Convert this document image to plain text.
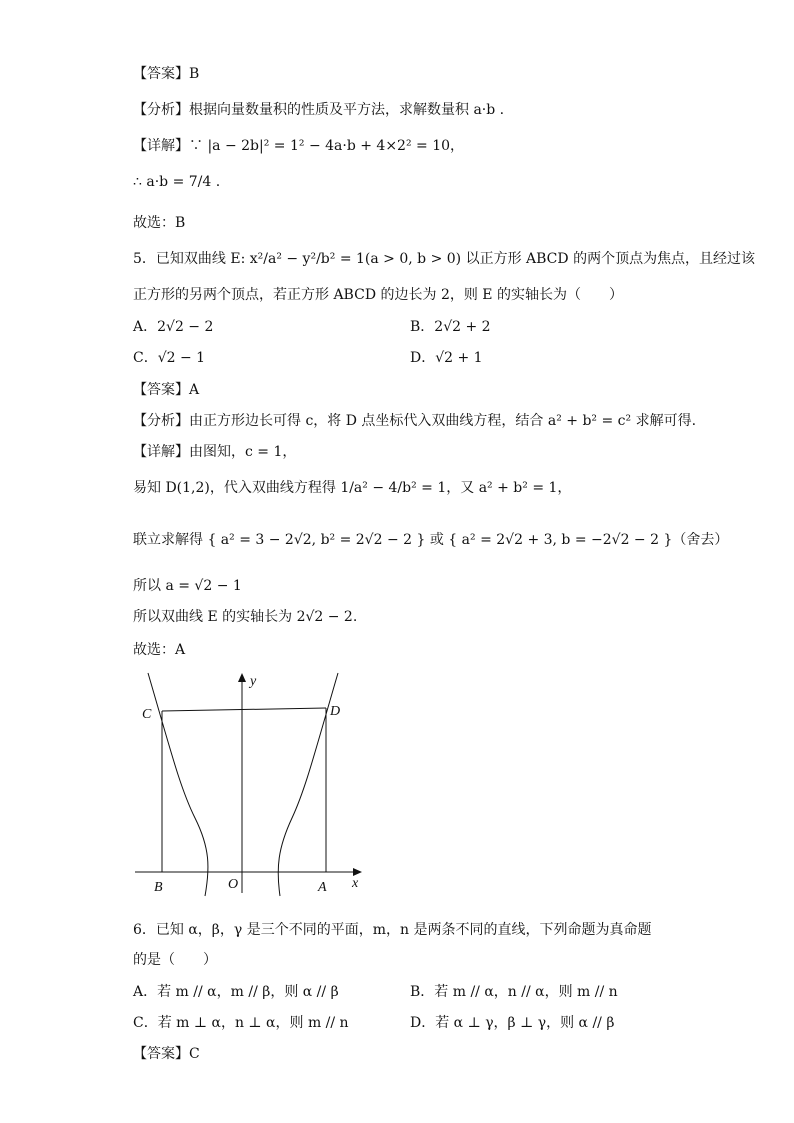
【答案】B
【分析】根据向量数量积的性质及平方法，求解数量积 a·b .
【详解】∵ |a − 2b|² = 1² − 4a·b + 4×2² = 10，
∴ a·b = 7/4 .
故选：B
5．已知双曲线 E: x²/a² − y²/b² = 1(a > 0, b > 0) 以正方形 ABCD 的两个顶点为焦点，且经过该
正方形的另两个顶点，若正方形 ABCD 的边长为 2，则 E 的实轴长为（　　）
A．2√2 − 2	B．2√2 + 2
C．√2 − 1	D．√2 + 1
【答案】A
【分析】由正方形边长可得 c，将 D 点坐标代入双曲线方程，结合 a² + b² = c² 求解可得.
【详解】由图知，c = 1，
易知 D(1,2)，代入双曲线方程得 1/a² − 4/b² = 1，又 a² + b² = 1，
联立求解得 { a² = 3 − 2√2, b² = 2√2 − 2 } 或 { a² = 2√2 + 3, b = −2√2 − 2 }（舍去）
所以 a = √2 − 1
所以双曲线 E 的实轴长为 2√2 − 2.
故选：A
C	D
B	O	A x
y
6．已知 α，β，γ 是三个不同的平面，m，n 是两条不同的直线，下列命题为真命题
的是（　　）
A．若 m // α，m // β，则 α // β	B．若 m // α，n // α，则 m // n
C．若 m ⊥ α，n ⊥ α，则 m // n	D．若 α ⊥ γ，β ⊥ γ，则 α // β
【答案】C
